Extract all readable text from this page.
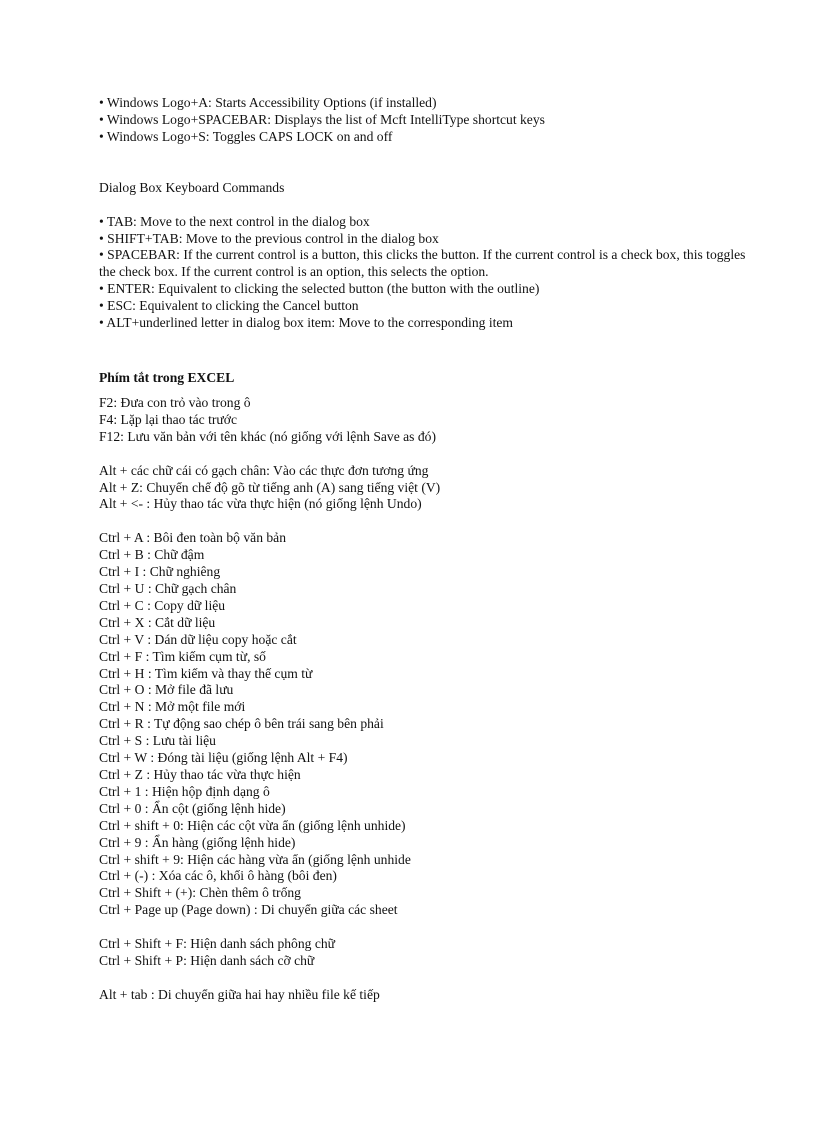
• Windows Logo+A: Starts Accessibility Options (if installed)

• Windows Logo+SPACEBAR: Displays the list of Mcft IntelliType shortcut keys

• Windows Logo+S: Toggles CAPS LOCK on and off

Dialog Box Keyboard Commands

• TAB: Move to the next control in the dialog box

• SHIFT+TAB: Move to the previous control in the dialog box

• SPACEBAR: If the current control is a button, this clicks the button. If the current control is a check box, this toggles the check box. If the current control is an option, this selects the option.

• ENTER: Equivalent to clicking the selected button (the button with the outline)

• ESC: Equivalent to clicking the Cancel button

• ALT+underlined letter in dialog box item: Move to the corresponding item

Phím tắt trong EXCEL

F2: Đưa con trỏ vào trong ô

F4: Lặp lại thao tác trước

F12: Lưu văn bản với tên khác (nó giống với lệnh Save as đó)

Alt + các chữ cái có gạch chân: Vào các thực đơn tương ứng

Alt + Z: Chuyển chế độ gõ từ tiếng anh (A) sang tiếng việt (V)

Alt + <- : Hủy thao tác vừa thực hiện (nó giống lệnh Undo)

Ctrl + A : Bôi đen toàn bộ văn bản

Ctrl + B : Chữ đậm

Ctrl + I : Chữ nghiêng

Ctrl + U : Chữ gạch chân

Ctrl + C : Copy dữ liệu

Ctrl + X : Cắt dữ liệu

Ctrl + V : Dán dữ liệu copy hoặc cắt

Ctrl + F : Tìm kiếm cụm từ, số

Ctrl + H : Tìm kiếm và thay thế cụm từ

Ctrl + O : Mở file đã lưu

Ctrl + N : Mở một file mới

Ctrl + R : Tự động sao chép ô bên trái sang bên phải

Ctrl + S : Lưu tài liệu

Ctrl + W : Đóng tài liệu (giống lệnh Alt + F4)

Ctrl + Z : Hủy thao tác vừa thực hiện

Ctrl + 1 : Hiện hộp định dạng ô

Ctrl + 0 : Ẩn cột (giống lệnh hide)

Ctrl + shift + 0: Hiện các cột vừa ẩn (giống lệnh unhide)

Ctrl + 9 : Ẩn hàng (giống lệnh hide)

Ctrl + shift + 9: Hiện các hàng vừa ẩn (giống lệnh unhide

Ctrl + (-) : Xóa các ô, khối ô hàng (bôi đen)

Ctrl + Shift + (+): Chèn thêm ô trống

Ctrl + Page up (Page down) : Di chuyển giữa các sheet

Ctrl + Shift + F: Hiện danh sách phông chữ

Ctrl + Shift + P: Hiện danh sách cỡ chữ

Alt + tab : Di chuyển giữa hai hay nhiều file kế tiếp
